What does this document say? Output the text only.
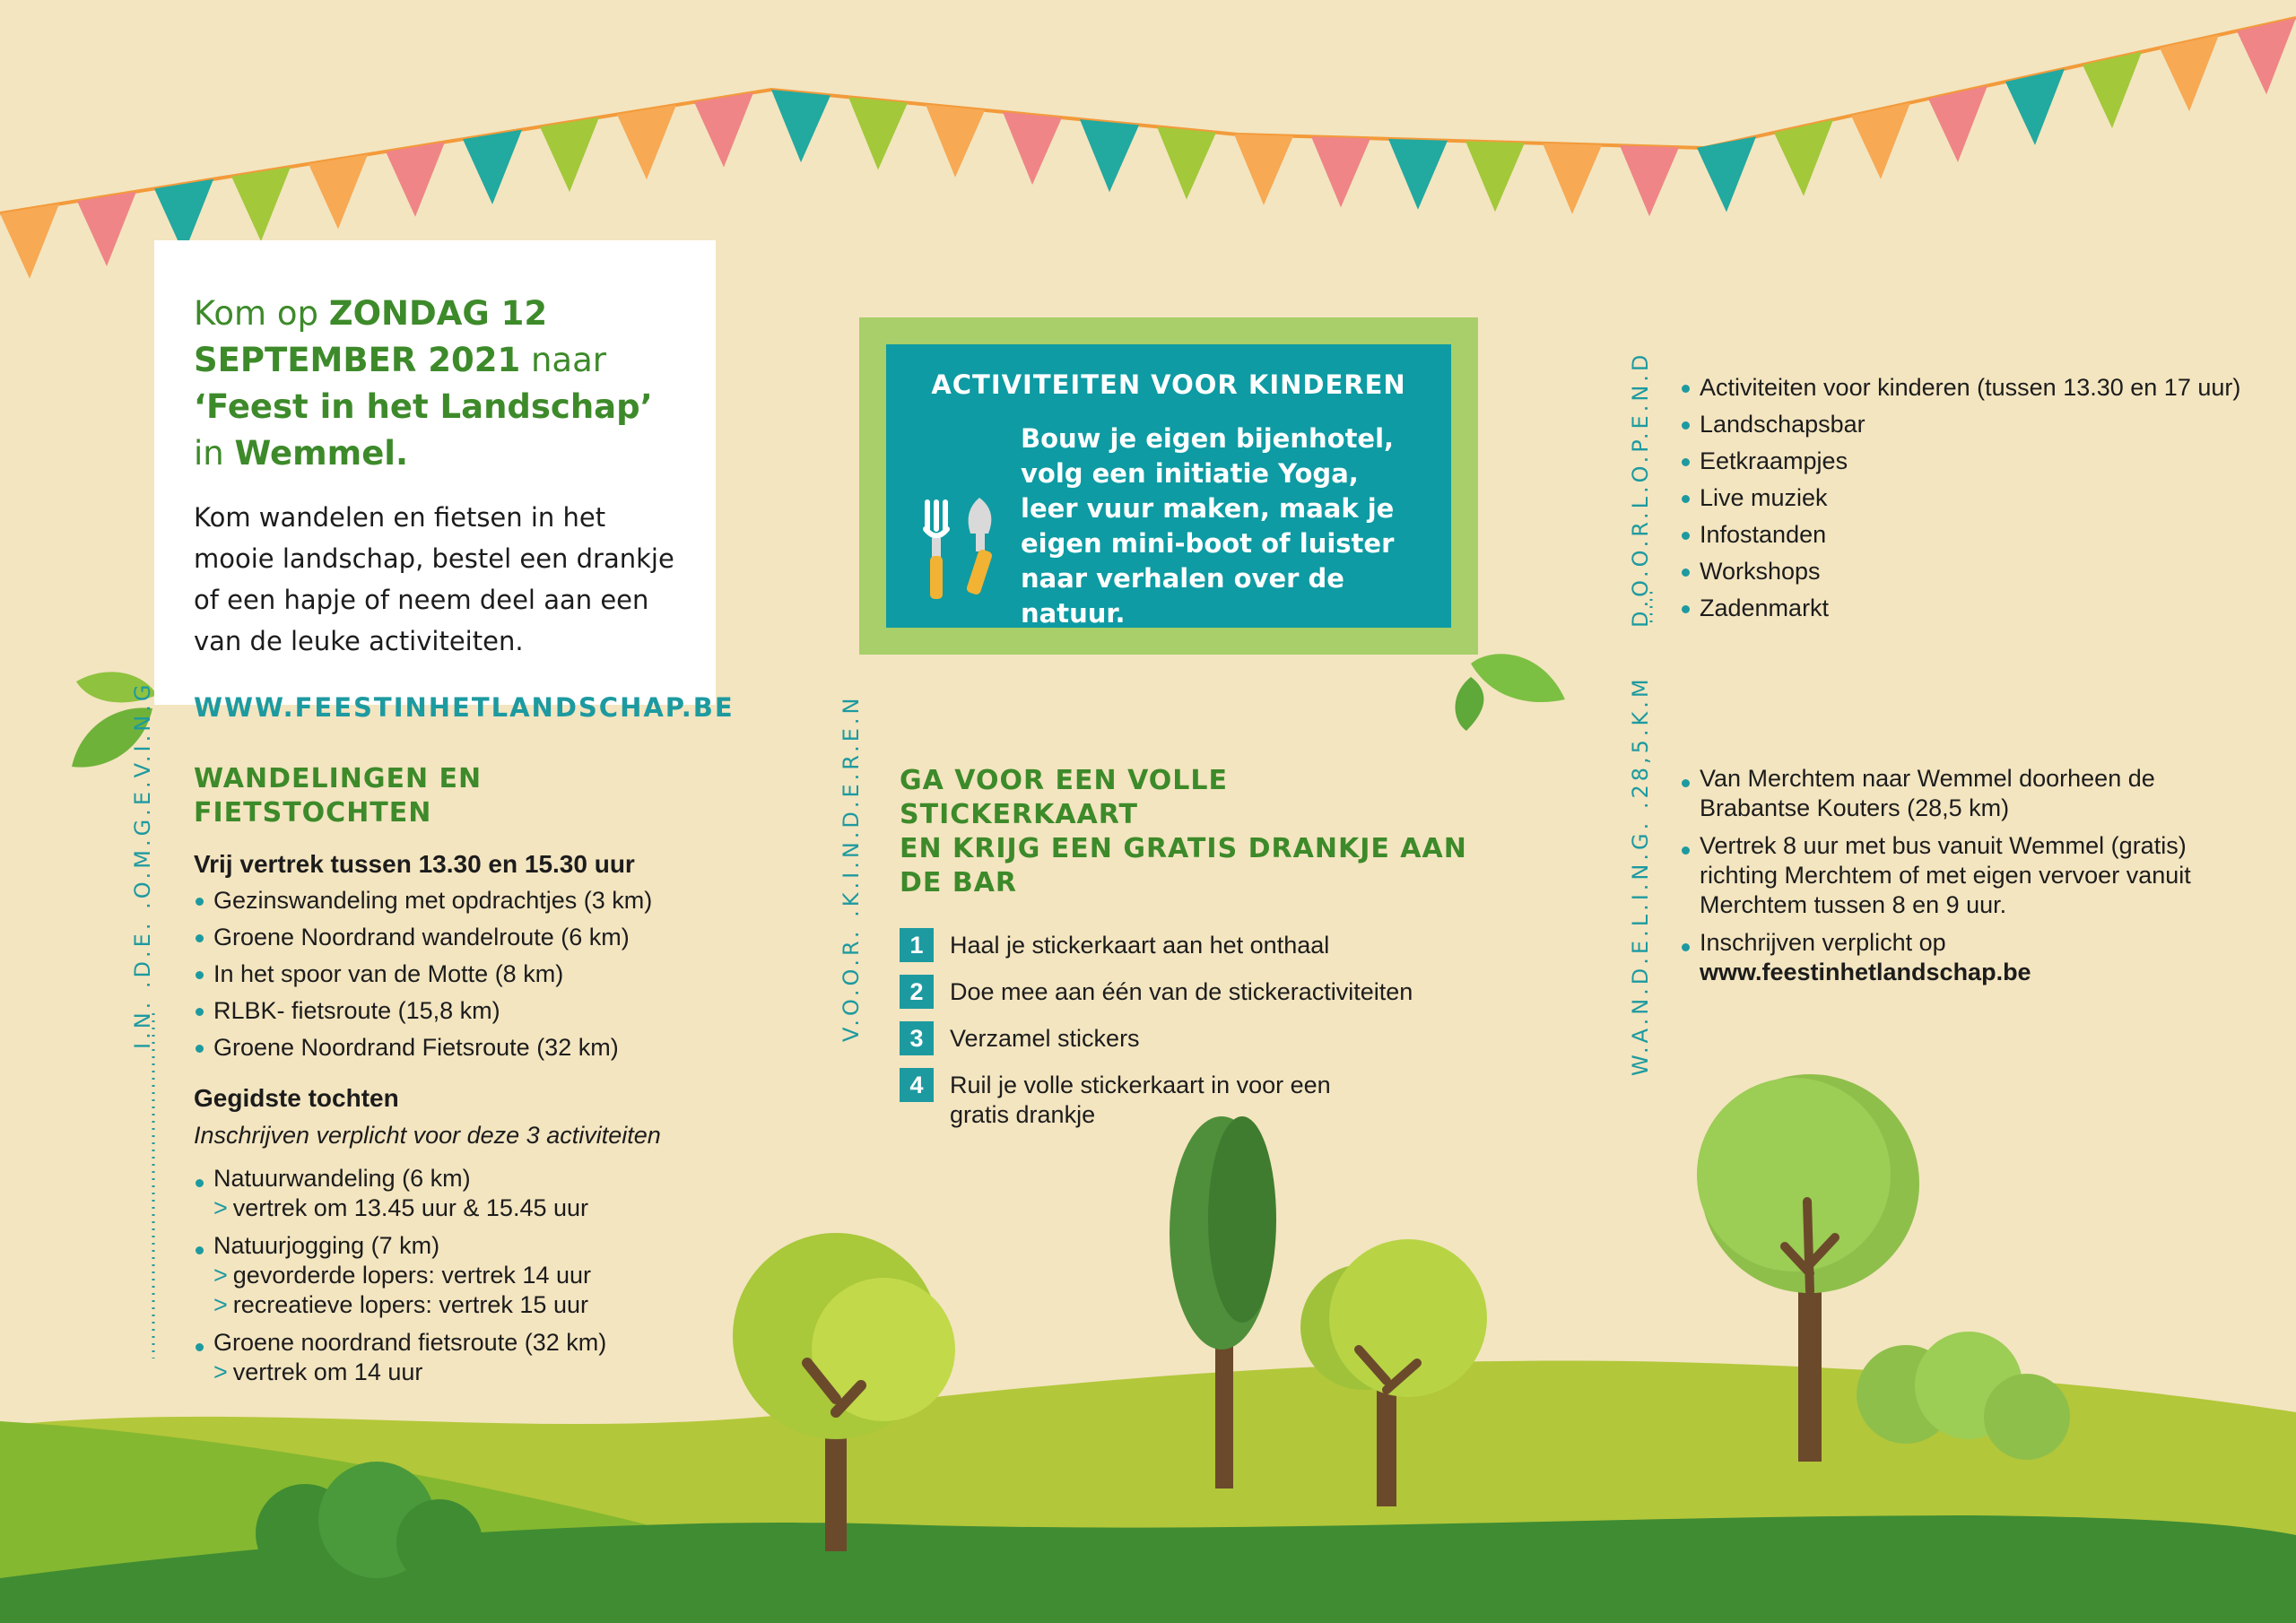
Kom op ZONDAG 12 SEPTEMBER 2021 naar ‘Feest in het Landschap’ in Wemmel.

Kom wandelen en fietsen in het mooie landschap, bestel een drankje of een hapje of neem deel aan een van de leuke activiteiten.

WWW.FEESTINHETLANDSCHAP.BE
ACTIVITEITEN VOOR KINDEREN
Bouw je eigen bijenhotel,
volg een initiatie Yoga,
leer vuur maken, maak je
eigen mini-boot of luister
naar verhalen over de natuur.	D.O.O.R.L.O.P.E.N.D	Activiteiten voor kinderen (tussen 13.30 en 17 uur)
Landschapsbar
Eetkraampjes
Live muziek
Infostanden
Workshops
Zadenmarkt
I.N. .D.E. .O.M.G.E.V.I.N.G WANDELINGEN EN FIETSTOCHTEN
Vrij vertrek tussen 13.30 en 15.30 uur
Gezinswandeling met opdrachtjes (3 km)
Groene Noordrand wandelroute (6 km)
In het spoor van de Motte (8 km)
RLBK- fietsroute (15,8 km)
Groene Noordrand Fietsroute (32 km)
Gegidste tochten
Inschrijven verplicht voor deze 3 activiteiten
Natuurwandeling (6 km)
> vertrek om 13.45 uur & 15.45 uur
Natuurjogging (7 km)
> gevorderde lopers: vertrek 14 uur
> recreatieve lopers: vertrek 15 uur
Groene noordrand fietsroute (32 km)
> vertrek om 14 uur
V.O.O.R. .K.I.N.D.E.R.E.N GA VOOR EEN VOLLE STICKERKAART
EN KRIJG EEN GRATIS DRANKJE AAN DE BAR
1	Haal je stickerkaart aan het onthaal
2	Doe mee aan één van de stickeractiviteiten
3	Verzamel stickers
4	Ruil je volle stickerkaart in voor een gratis drankje
W.A.N.D.E.L.I.N.G. .28,5.K.M	Van Merchtem naar Wemmel doorheen de Brabantse Kouters (28,5 km)
Vertrek 8 uur met bus vanuit Wemmel (gratis) richting Merchtem of met eigen vervoer vanuit Merchtem tussen 8 en 9 uur.
Inschrijven verplicht op
www.feestinhetlandschap.be
